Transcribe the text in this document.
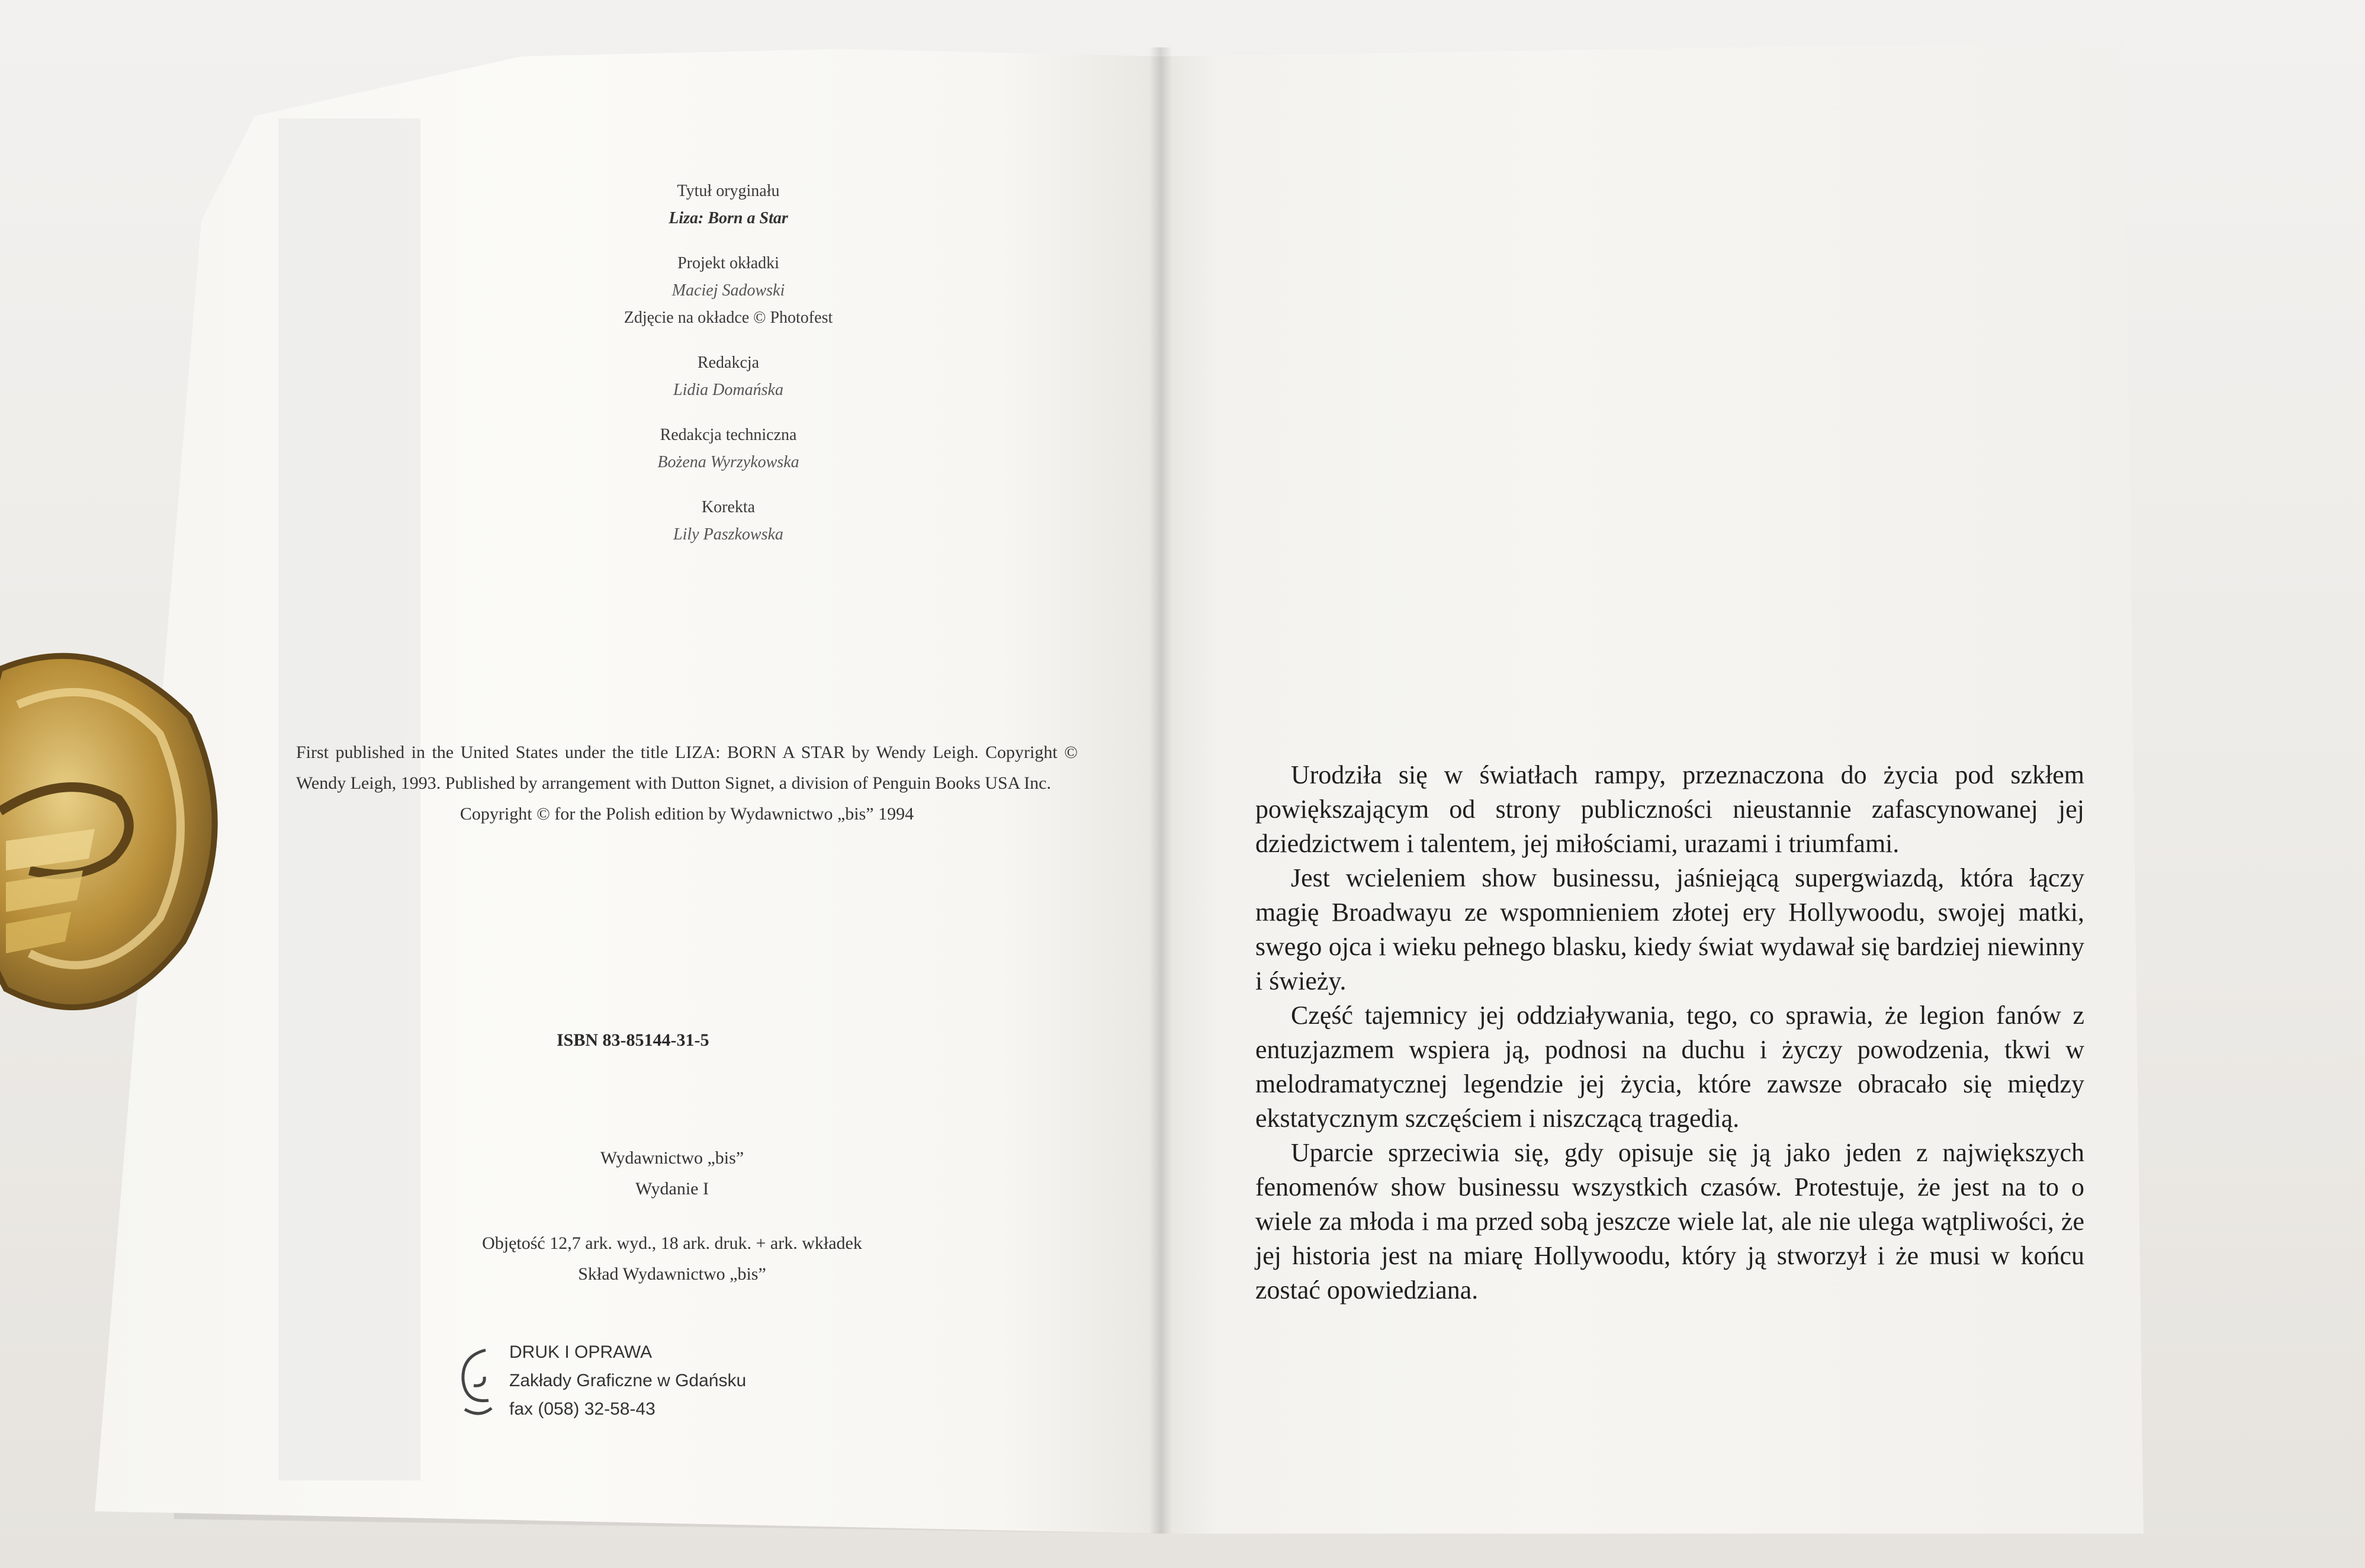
Tytuł oryginału
Liza: Born a Star
Projekt okładki
Maciej Sadowski
Zdjęcie na okładce © Photofest
Redakcja
Lidia Domańska
Redakcja techniczna
Bożena Wyrzykowska
Korekta
Lily Paszkowska
First published in the United States under the title LIZA: BORN A STAR by Wendy Leigh. Copyright © Wendy Leigh, 1993. Published by arrangement with Dutton Signet, a division of Penguin Books USA Inc.
Copyright © for the Polish edition by Wydawnictwo „bis” 1994
ISBN 83-85144-31-5
Wydawnictwo „bis”
Wydanie I
Objętość 12,7 ark. wyd., 18 ark. druk. + ark. wkładek
Skład Wydawnictwo „bis”
DRUK I OPRAWA
Zakłady Graficzne w Gdańsku
fax (058) 32-58-43

Urodziła się w światłach rampy, przeznaczona do życia pod szkłem powiększającym od strony publiczności nieustannie zafascynowanej jej dziedzictwem i talentem, jej miłościami, urazami i triumfami.

Jest wcieleniem show businessu, jaśniejącą supergwiazdą, która łączy magię Broadwayu ze wspomnieniem złotej ery Hollywoodu, swojej matki, swego ojca i wieku pełnego blasku, kiedy świat wydawał się bardziej niewinny i świeży.

Część tajemnicy jej oddziaływania, tego, co sprawia, że legion fanów z entuzjazmem wspiera ją, podnosi na duchu i życzy powodzenia, tkwi w melodramatycznej legendzie jej życia, które zawsze obracało się między ekstatycznym szczęściem i niszczącą tragedią.

Uparcie sprzeciwia się, gdy opisuje się ją jako jeden z największych fenomenów show businessu wszystkich czasów. Protestuje, że jest na to o wiele za młoda i ma przed sobą jeszcze wiele lat, ale nie ulega wątpliwości, że jej historia jest na miarę Hollywoodu, który ją stworzył i że musi w końcu zostać opowiedziana.
